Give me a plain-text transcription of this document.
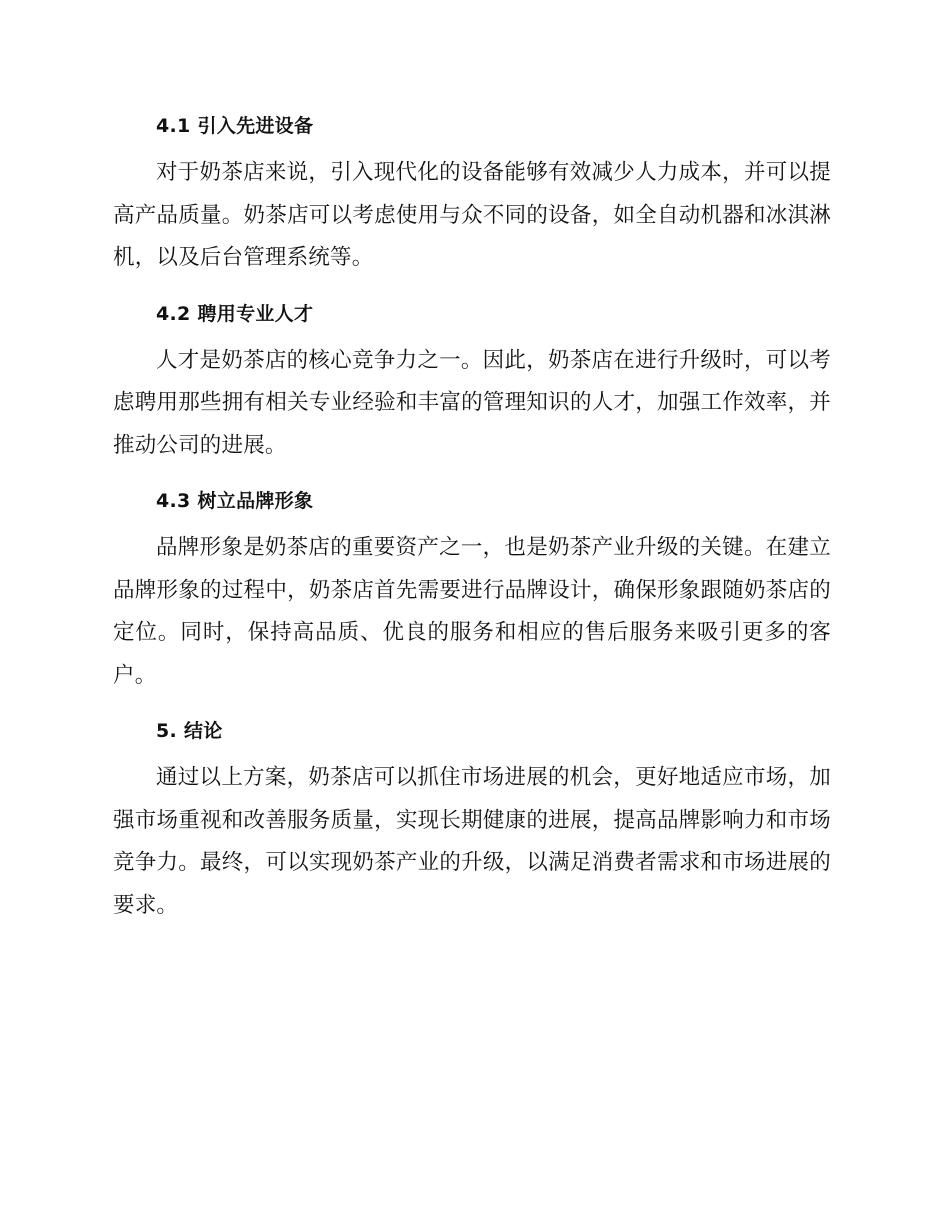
4.1 引入先进设备

对于奶茶店来说，引入现代化的设备能够有效减少人力成本，并可以提高产品质量。奶茶店可以考虑使用与众不同的设备，如全自动机器和冰淇淋机，以及后台管理系统等。

4.2 聘用专业人才

人才是奶茶店的核心竞争力之一。因此，奶茶店在进行升级时，可以考虑聘用那些拥有相关专业经验和丰富的管理知识的人才，加强工作效率，并推动公司的进展。

4.3 树立品牌形象

品牌形象是奶茶店的重要资产之一，也是奶茶产业升级的关键。在建立品牌形象的过程中，奶茶店首先需要进行品牌设计，确保形象跟随奶茶店的定位。同时，保持高品质、优良的服务和相应的售后服务来吸引更多的客户。

5. 结论

通过以上方案，奶茶店可以抓住市场进展的机会，更好地适应市场，加强市场重视和改善服务质量，实现长期健康的进展，提高品牌影响力和市场竞争力。最终，可以实现奶茶产业的升级，以满足消费者需求和市场进展的要求。
